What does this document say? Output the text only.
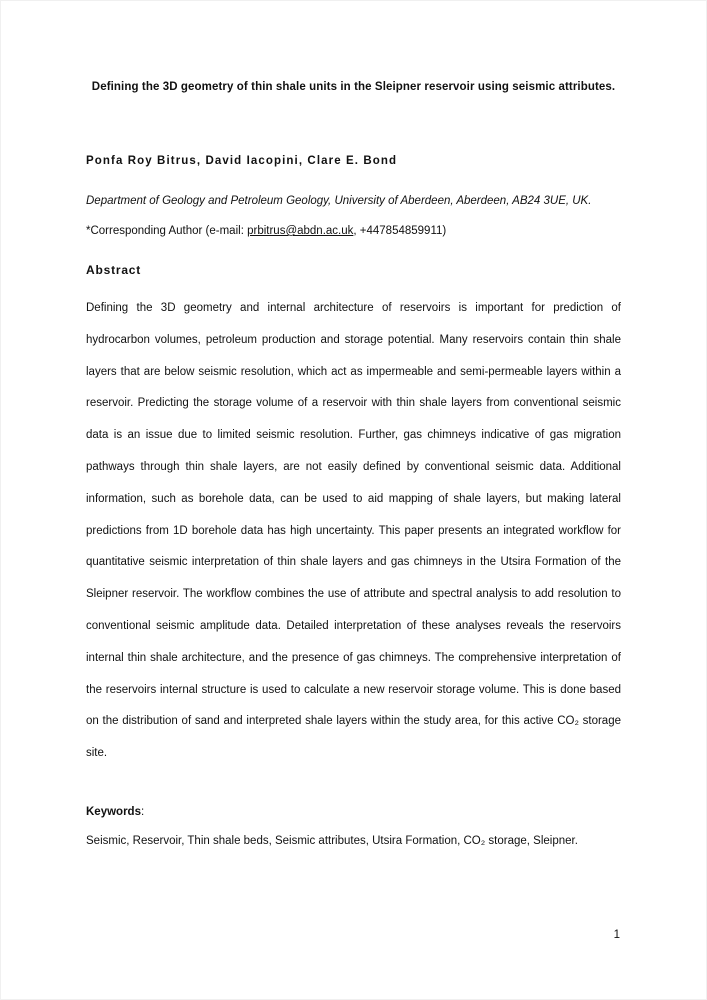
Defining the 3D geometry of thin shale units in the Sleipner reservoir using seismic attributes.

Ponfa Roy Bitrus, David Iacopini, Clare E. Bond

Department of Geology and Petroleum Geology, University of Aberdeen, Aberdeen, AB24 3UE, UK.

*Corresponding Author (e-mail: prbitrus@abdn.ac.uk, +447854859911)

Abstract

Defining the 3D geometry and internal architecture of reservoirs is important for prediction of hydrocarbon volumes, petroleum production and storage potential. Many reservoirs contain thin shale layers that are below seismic resolution, which act as impermeable and semi-permeable layers within a reservoir. Predicting the storage volume of a reservoir with thin shale layers from conventional seismic data is an issue due to limited seismic resolution. Further, gas chimneys indicative of gas migration pathways through thin shale layers, are not easily defined by conventional seismic data. Additional information, such as borehole data, can be used to aid mapping of shale layers, but making lateral predictions from 1D borehole data has high uncertainty. This paper presents an integrated workflow for quantitative seismic interpretation of thin shale layers and gas chimneys in the Utsira Formation of the Sleipner reservoir. The workflow combines the use of attribute and spectral analysis to add resolution to conventional seismic amplitude data. Detailed interpretation of these analyses reveals the reservoirs internal thin shale architecture, and the presence of gas chimneys. The comprehensive interpretation of the reservoirs internal structure is used to calculate a new reservoir storage volume. This is done based on the distribution of sand and interpreted shale layers within the study area, for this active CO₂ storage site.

Keywords:

Seismic, Reservoir, Thin shale beds, Seismic attributes, Utsira Formation, CO₂ storage, Sleipner.

1
